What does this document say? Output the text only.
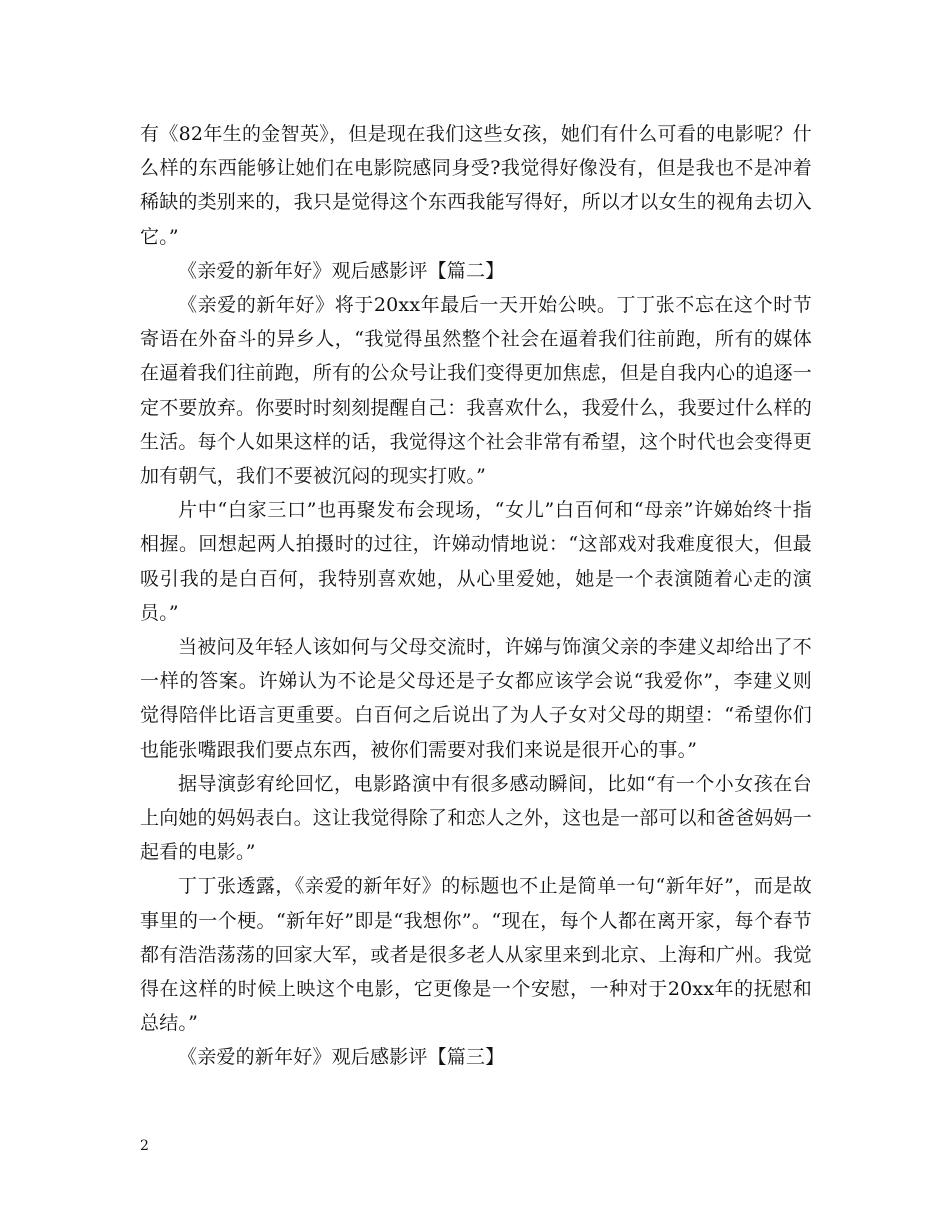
有《82年生的金智英》，但是现在我们这些女孩，她们有什么可看的电影呢？什么样的东西能够让她们在电影院感同身受?我觉得好像没有，但是我也不是冲着稀缺的类别来的，我只是觉得这个东西我能写得好，所以才以女生的视角去切入它。”

《亲爱的新年好》观后感影评【篇二】

《亲爱的新年好》将于20xx年最后一天开始公映。丁丁张不忘在这个时节寄语在外奋斗的异乡人，“我觉得虽然整个社会在逼着我们往前跑，所有的媒体在逼着我们往前跑，所有的公众号让我们变得更加焦虑，但是自我内心的追逐一定不要放弃。你要时时刻刻提醒自己：我喜欢什么，我爱什么，我要过什么样的生活。每个人如果这样的话，我觉得这个社会非常有希望，这个时代也会变得更加有朝气，我们不要被沉闷的现实打败。”

片中“白家三口”也再聚发布会现场，“女儿”白百何和“母亲”许娣始终十指相握。回想起两人拍摄时的过往，许娣动情地说：“这部戏对我难度很大，但最吸引我的是白百何，我特别喜欢她，从心里爱她，她是一个表演随着心走的演员。”

当被问及年轻人该如何与父母交流时，许娣与饰演父亲的李建义却给出了不一样的答案。许娣认为不论是父母还是子女都应该学会说“我爱你”，李建义则觉得陪伴比语言更重要。白百何之后说出了为人子女对父母的期望：“希望你们也能张嘴跟我们要点东西，被你们需要对我们来说是很开心的事。”

据导演彭宥纶回忆，电影路演中有很多感动瞬间，比如“有一个小女孩在台上向她的妈妈表白。这让我觉得除了和恋人之外，这也是一部可以和爸爸妈妈一起看的电影。”

丁丁张透露，《亲爱的新年好》的标题也不止是简单一句“新年好”，而是故事里的一个梗。“新年好”即是“我想你”。“现在，每个人都在离开家，每个春节都有浩浩荡荡的回家大军，或者是很多老人从家里来到北京、上海和广州。我觉得在这样的时候上映这个电影，它更像是一个安慰，一种对于20xx年的抚慰和总结。”

《亲爱的新年好》观后感影评【篇三】

2
